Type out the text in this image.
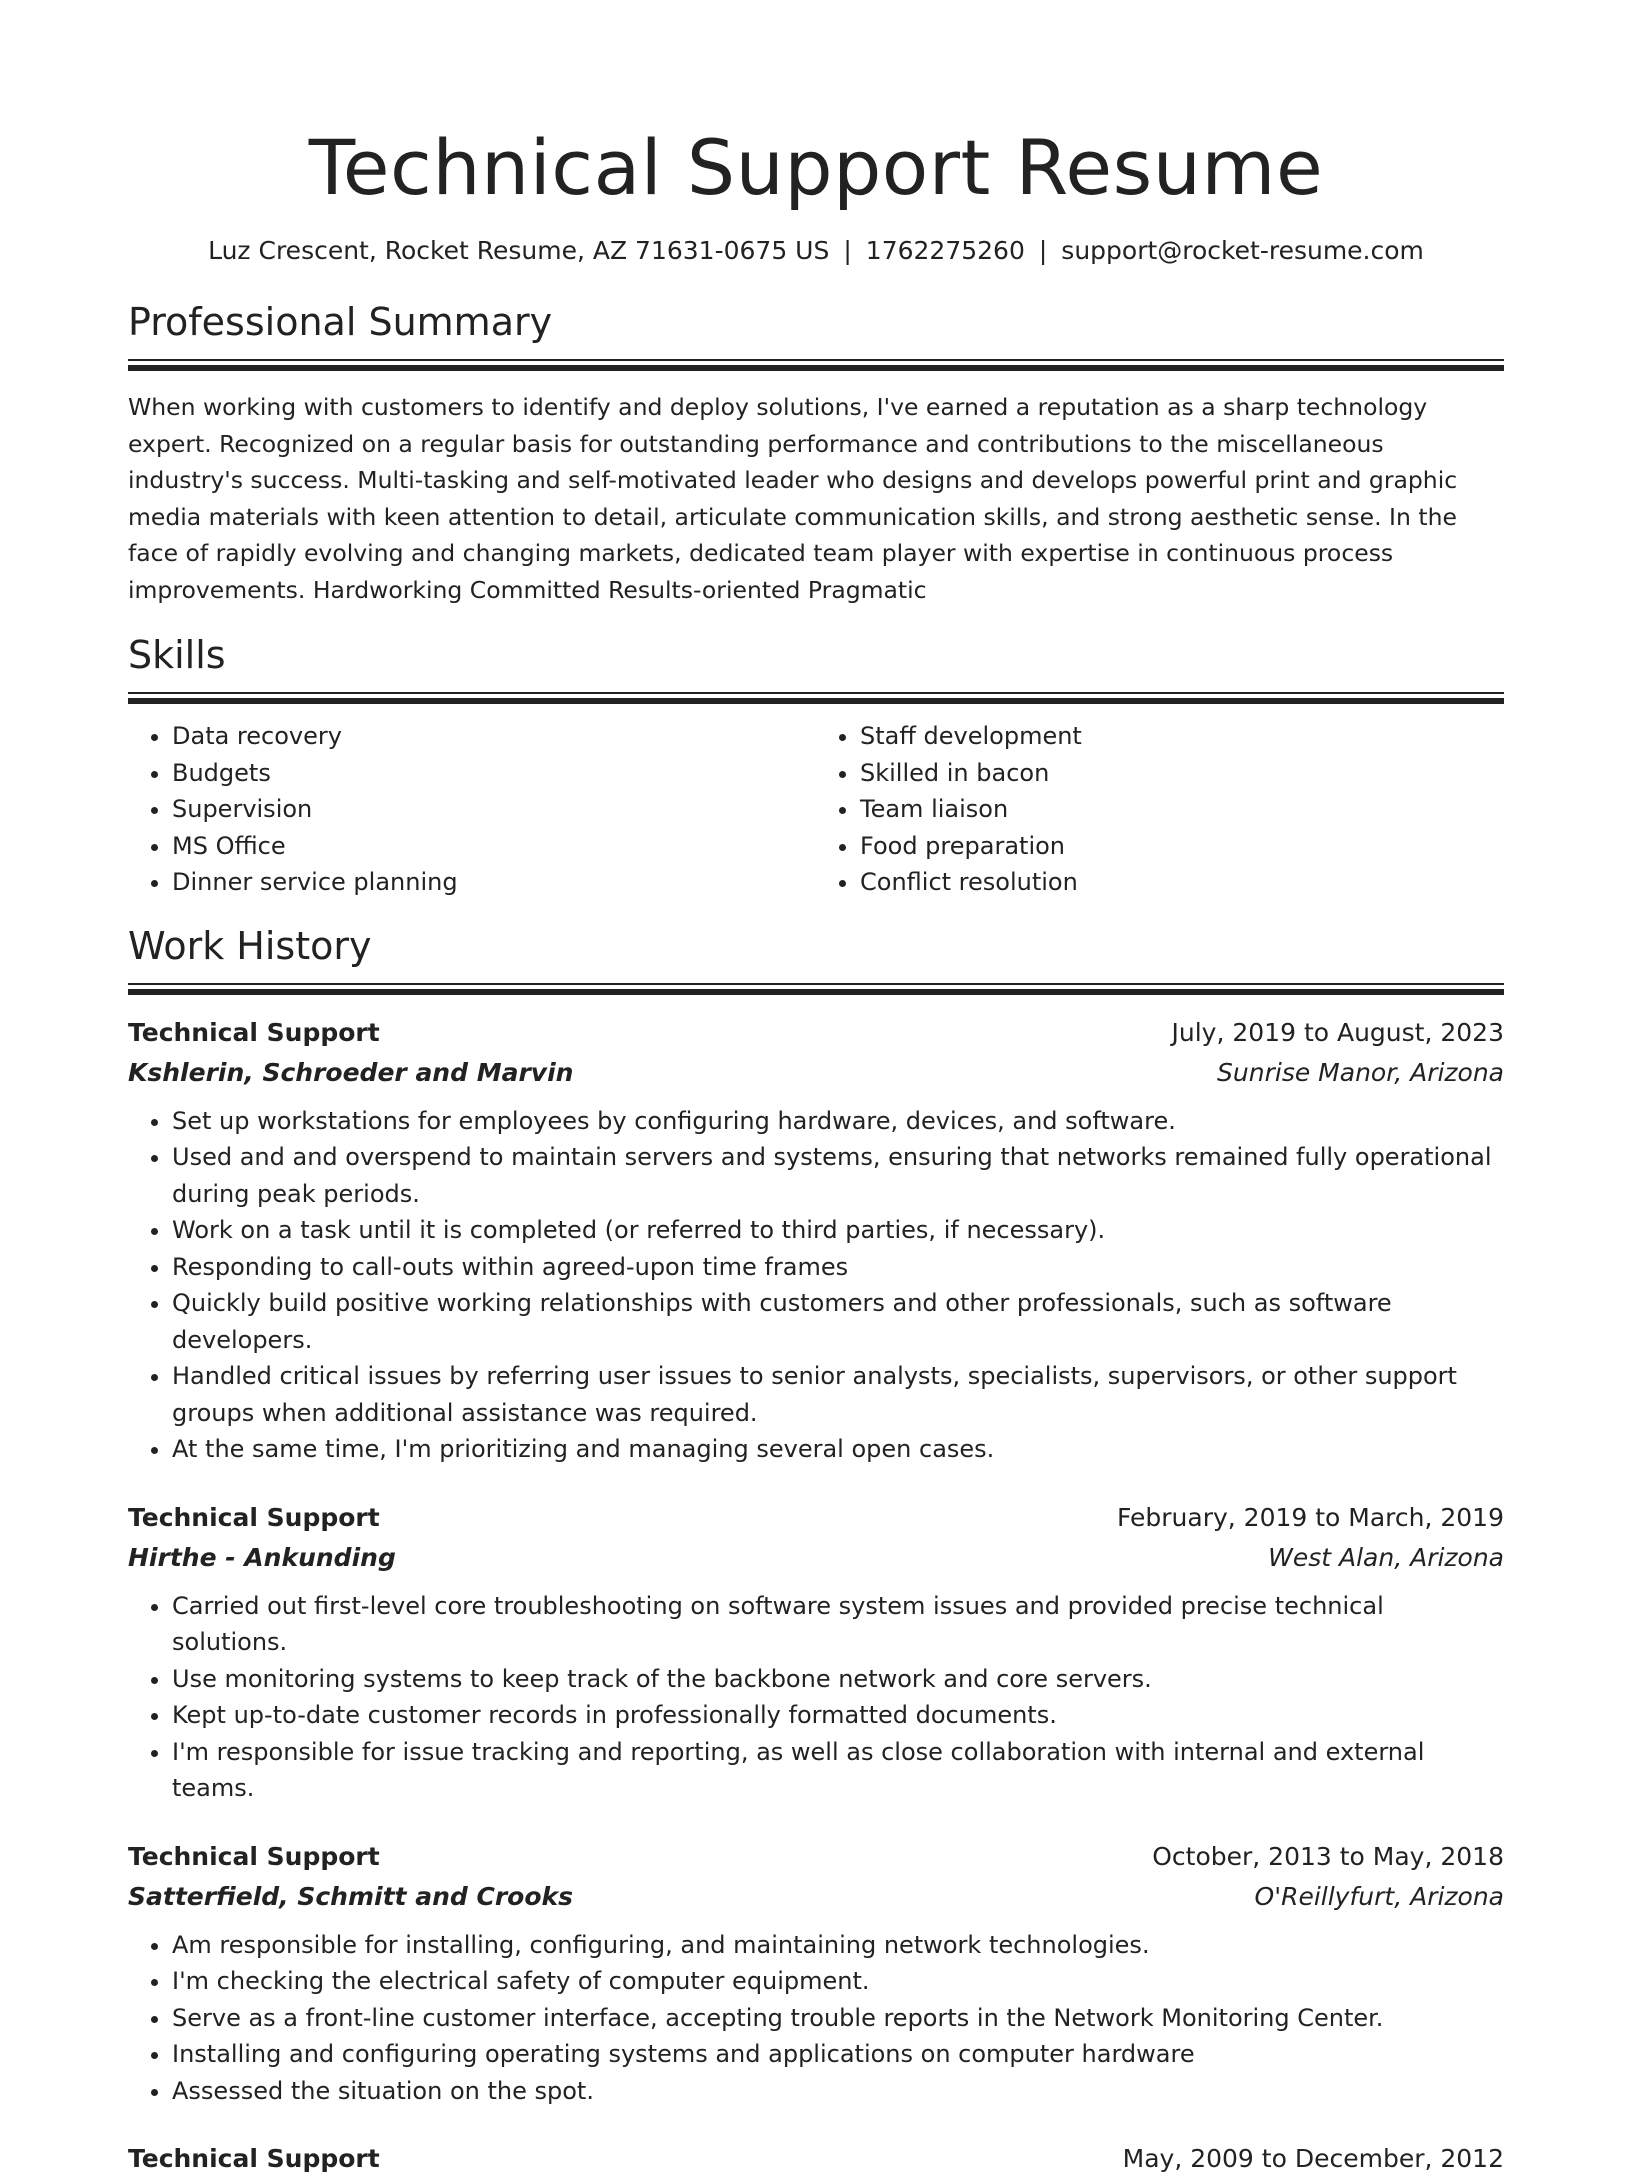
Technical Support Resume
Luz Crescent, Rocket Resume, AZ 71631-0675 US | 1762275260 | support@rocket-resume.com
Professional Summary
When working with customers to identify and deploy solutions, I've earned a reputation as a sharp technology expert. Recognized on a regular basis for outstanding performance and contributions to the miscellaneous industry's success. Multi-tasking and self-motivated leader who designs and develops powerful print and graphic media materials with keen attention to detail, articulate communication skills, and strong aesthetic sense. In the face of rapidly evolving and changing markets, dedicated team player with expertise in continuous process improvements. Hardworking Committed Results-oriented Pragmatic
Skills
• Data recovery
• Budgets
• Supervision
• MS Office
• Dinner service planning
• Staff development
• Skilled in bacon
• Team liaison
• Food preparation
• Conflict resolution
Work History
Technical Support	July, 2019 to August, 2023
Kshlerin, Schroeder and Marvin	Sunrise Manor, Arizona
• Set up workstations for employees by configuring hardware, devices, and software.
• Used and and overspend to maintain servers and systems, ensuring that networks remained fully operational during peak periods.
• Work on a task until it is completed (or referred to third parties, if necessary).
• Responding to call-outs within agreed-upon time frames
• Quickly build positive working relationships with customers and other professionals, such as software developers.
• Handled critical issues by referring user issues to senior analysts, specialists, supervisors, or other support groups when additional assistance was required.
• At the same time, I'm prioritizing and managing several open cases.
Technical Support	February, 2019 to March, 2019
Hirthe - Ankunding	West Alan, Arizona
• Carried out first-level core troubleshooting on software system issues and provided precise technical solutions.
• Use monitoring systems to keep track of the backbone network and core servers.
• Kept up-to-date customer records in professionally formatted documents.
• I'm responsible for issue tracking and reporting, as well as close collaboration with internal and external teams.
Technical Support	October, 2013 to May, 2018
Satterfield, Schmitt and Crooks	O'Reillyfurt, Arizona
• Am responsible for installing, configuring, and maintaining network technologies.
• I'm checking the electrical safety of computer equipment.
• Serve as a front-line customer interface, accepting trouble reports in the Network Monitoring Center.
• Installing and configuring operating systems and applications on computer hardware
• Assessed the situation on the spot.
Technical Support	May, 2009 to December, 2012
